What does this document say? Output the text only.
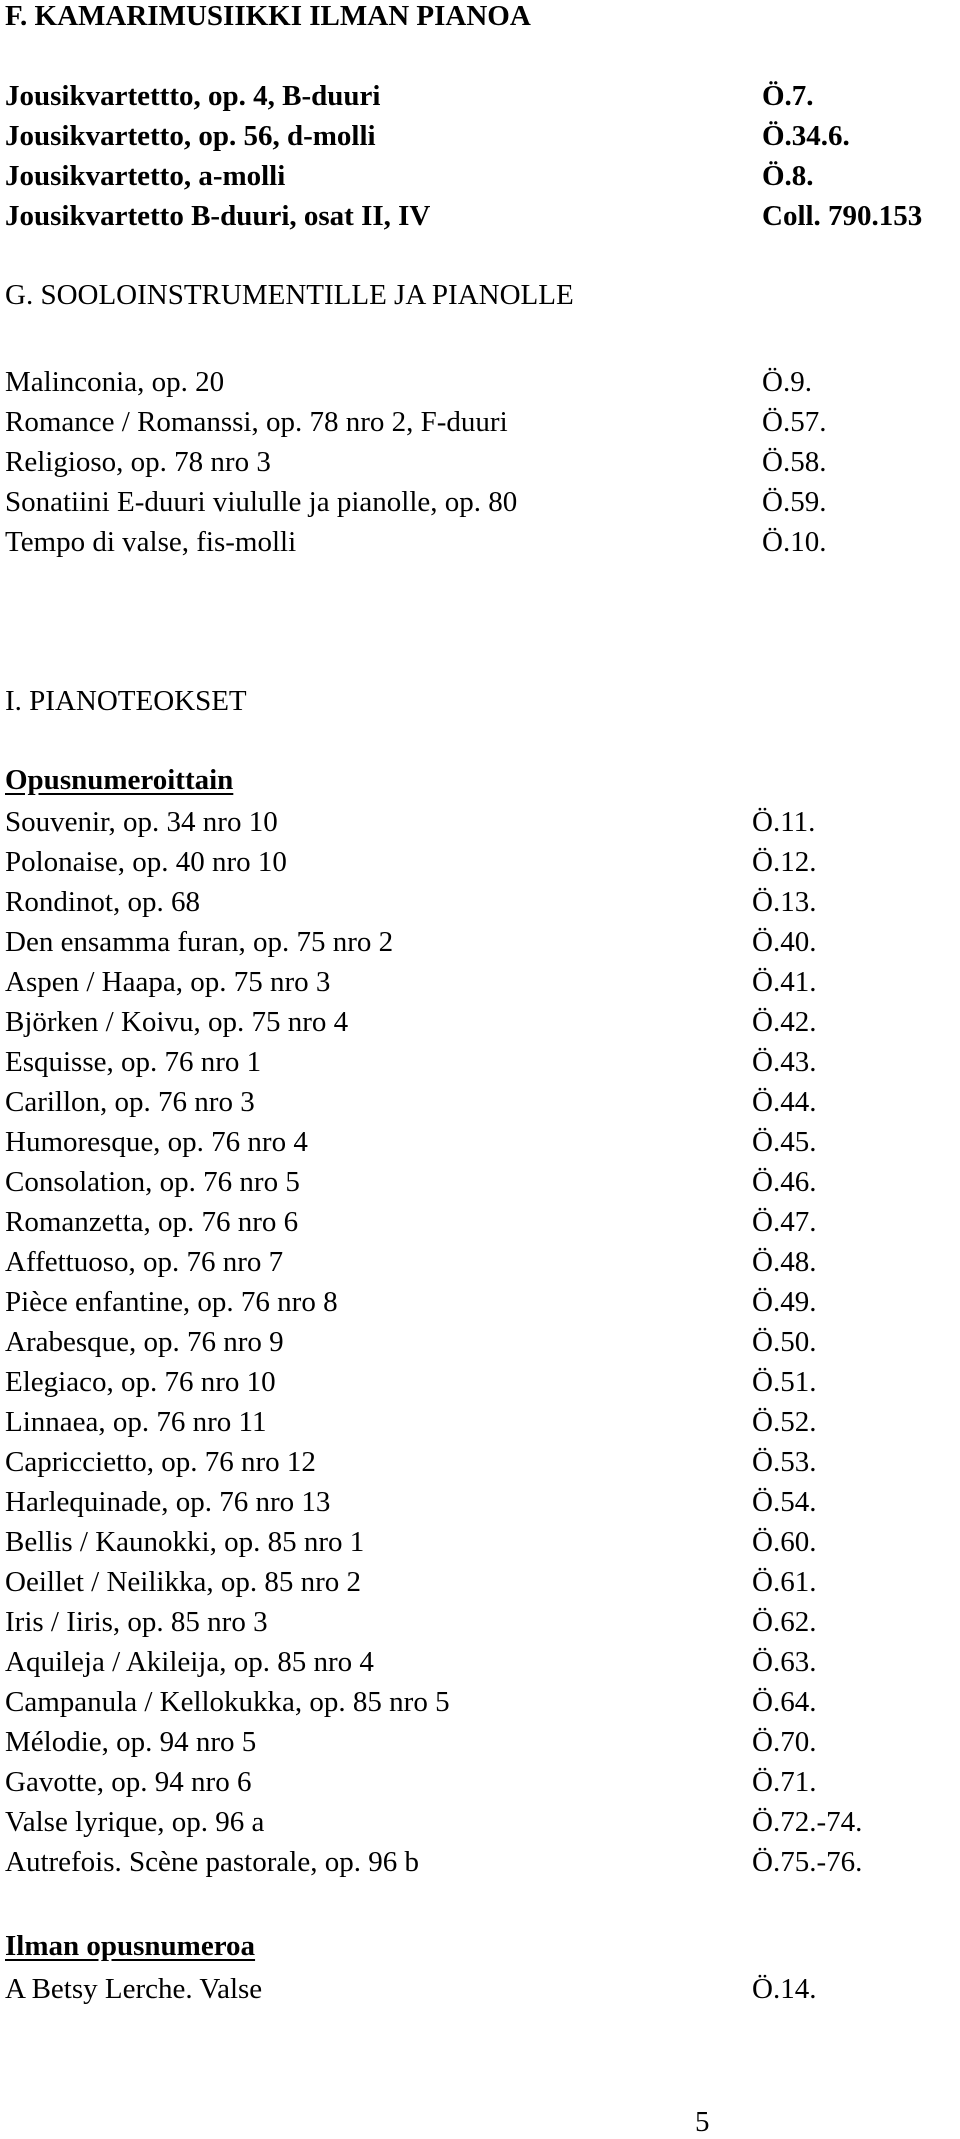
F. KAMARIMUSIIKKI ILMAN PIANOA
Jousikvartettto, op. 4, B-duuri	Ö.7.
Jousikvartetto, op. 56, d-molli	Ö.34.6.
Jousikvartetto, a-molli	Ö.8.
Jousikvartetto B-duuri, osat II, IV	Coll. 790.153
G. SOOLOINSTRUMENTILLE JA PIANOLLE
Malinconia, op. 20	Ö.9.
Romance / Romanssi, op. 78 nro 2, F-duuri	Ö.57.
Religioso, op. 78 nro 3	Ö.58.
Sonatiini E-duuri viululle ja pianolle, op. 80	Ö.59.
Tempo di valse, fis-molli	Ö.10.
I. PIANOTEOKSET
Opusnumeroittain
Souvenir, op. 34 nro 10	Ö.11.
Polonaise, op. 40 nro 10	Ö.12.
Rondinot, op. 68	Ö.13.
Den ensamma furan, op. 75 nro 2	Ö.40.
Aspen / Haapa, op. 75 nro 3	Ö.41.
Björken / Koivu, op. 75 nro 4	Ö.42.
Esquisse, op. 76 nro 1	Ö.43.
Carillon, op. 76 nro 3	Ö.44.
Humoresque, op. 76 nro 4	Ö.45.
Consolation, op. 76 nro 5	Ö.46.
Romanzetta, op. 76 nro 6	Ö.47.
Affettuoso, op. 76 nro 7	Ö.48.
Pièce enfantine, op. 76 nro 8	Ö.49.
Arabesque, op. 76 nro 9	Ö.50.
Elegiaco, op. 76 nro 10	Ö.51.
Linnaea, op. 76 nro 11	Ö.52.
Capriccietto, op. 76 nro 12	Ö.53.
Harlequinade, op. 76 nro 13	Ö.54.
Bellis / Kaunokki, op. 85 nro 1	Ö.60.
Oeillet / Neilikka, op. 85 nro 2	Ö.61.
Iris / Iiris, op. 85 nro 3	Ö.62.
Aquileja / Akileija, op. 85 nro 4	Ö.63.
Campanula / Kellokukka, op. 85 nro 5	Ö.64.
Mélodie, op. 94 nro 5	Ö.70.
Gavotte, op. 94 nro 6	Ö.71.
Valse lyrique, op. 96 a	Ö.72.-74.
Autrefois. Scène pastorale, op. 96 b	Ö.75.-76.
Ilman opusnumeroa
A Betsy Lerche. Valse	Ö.14.
5
